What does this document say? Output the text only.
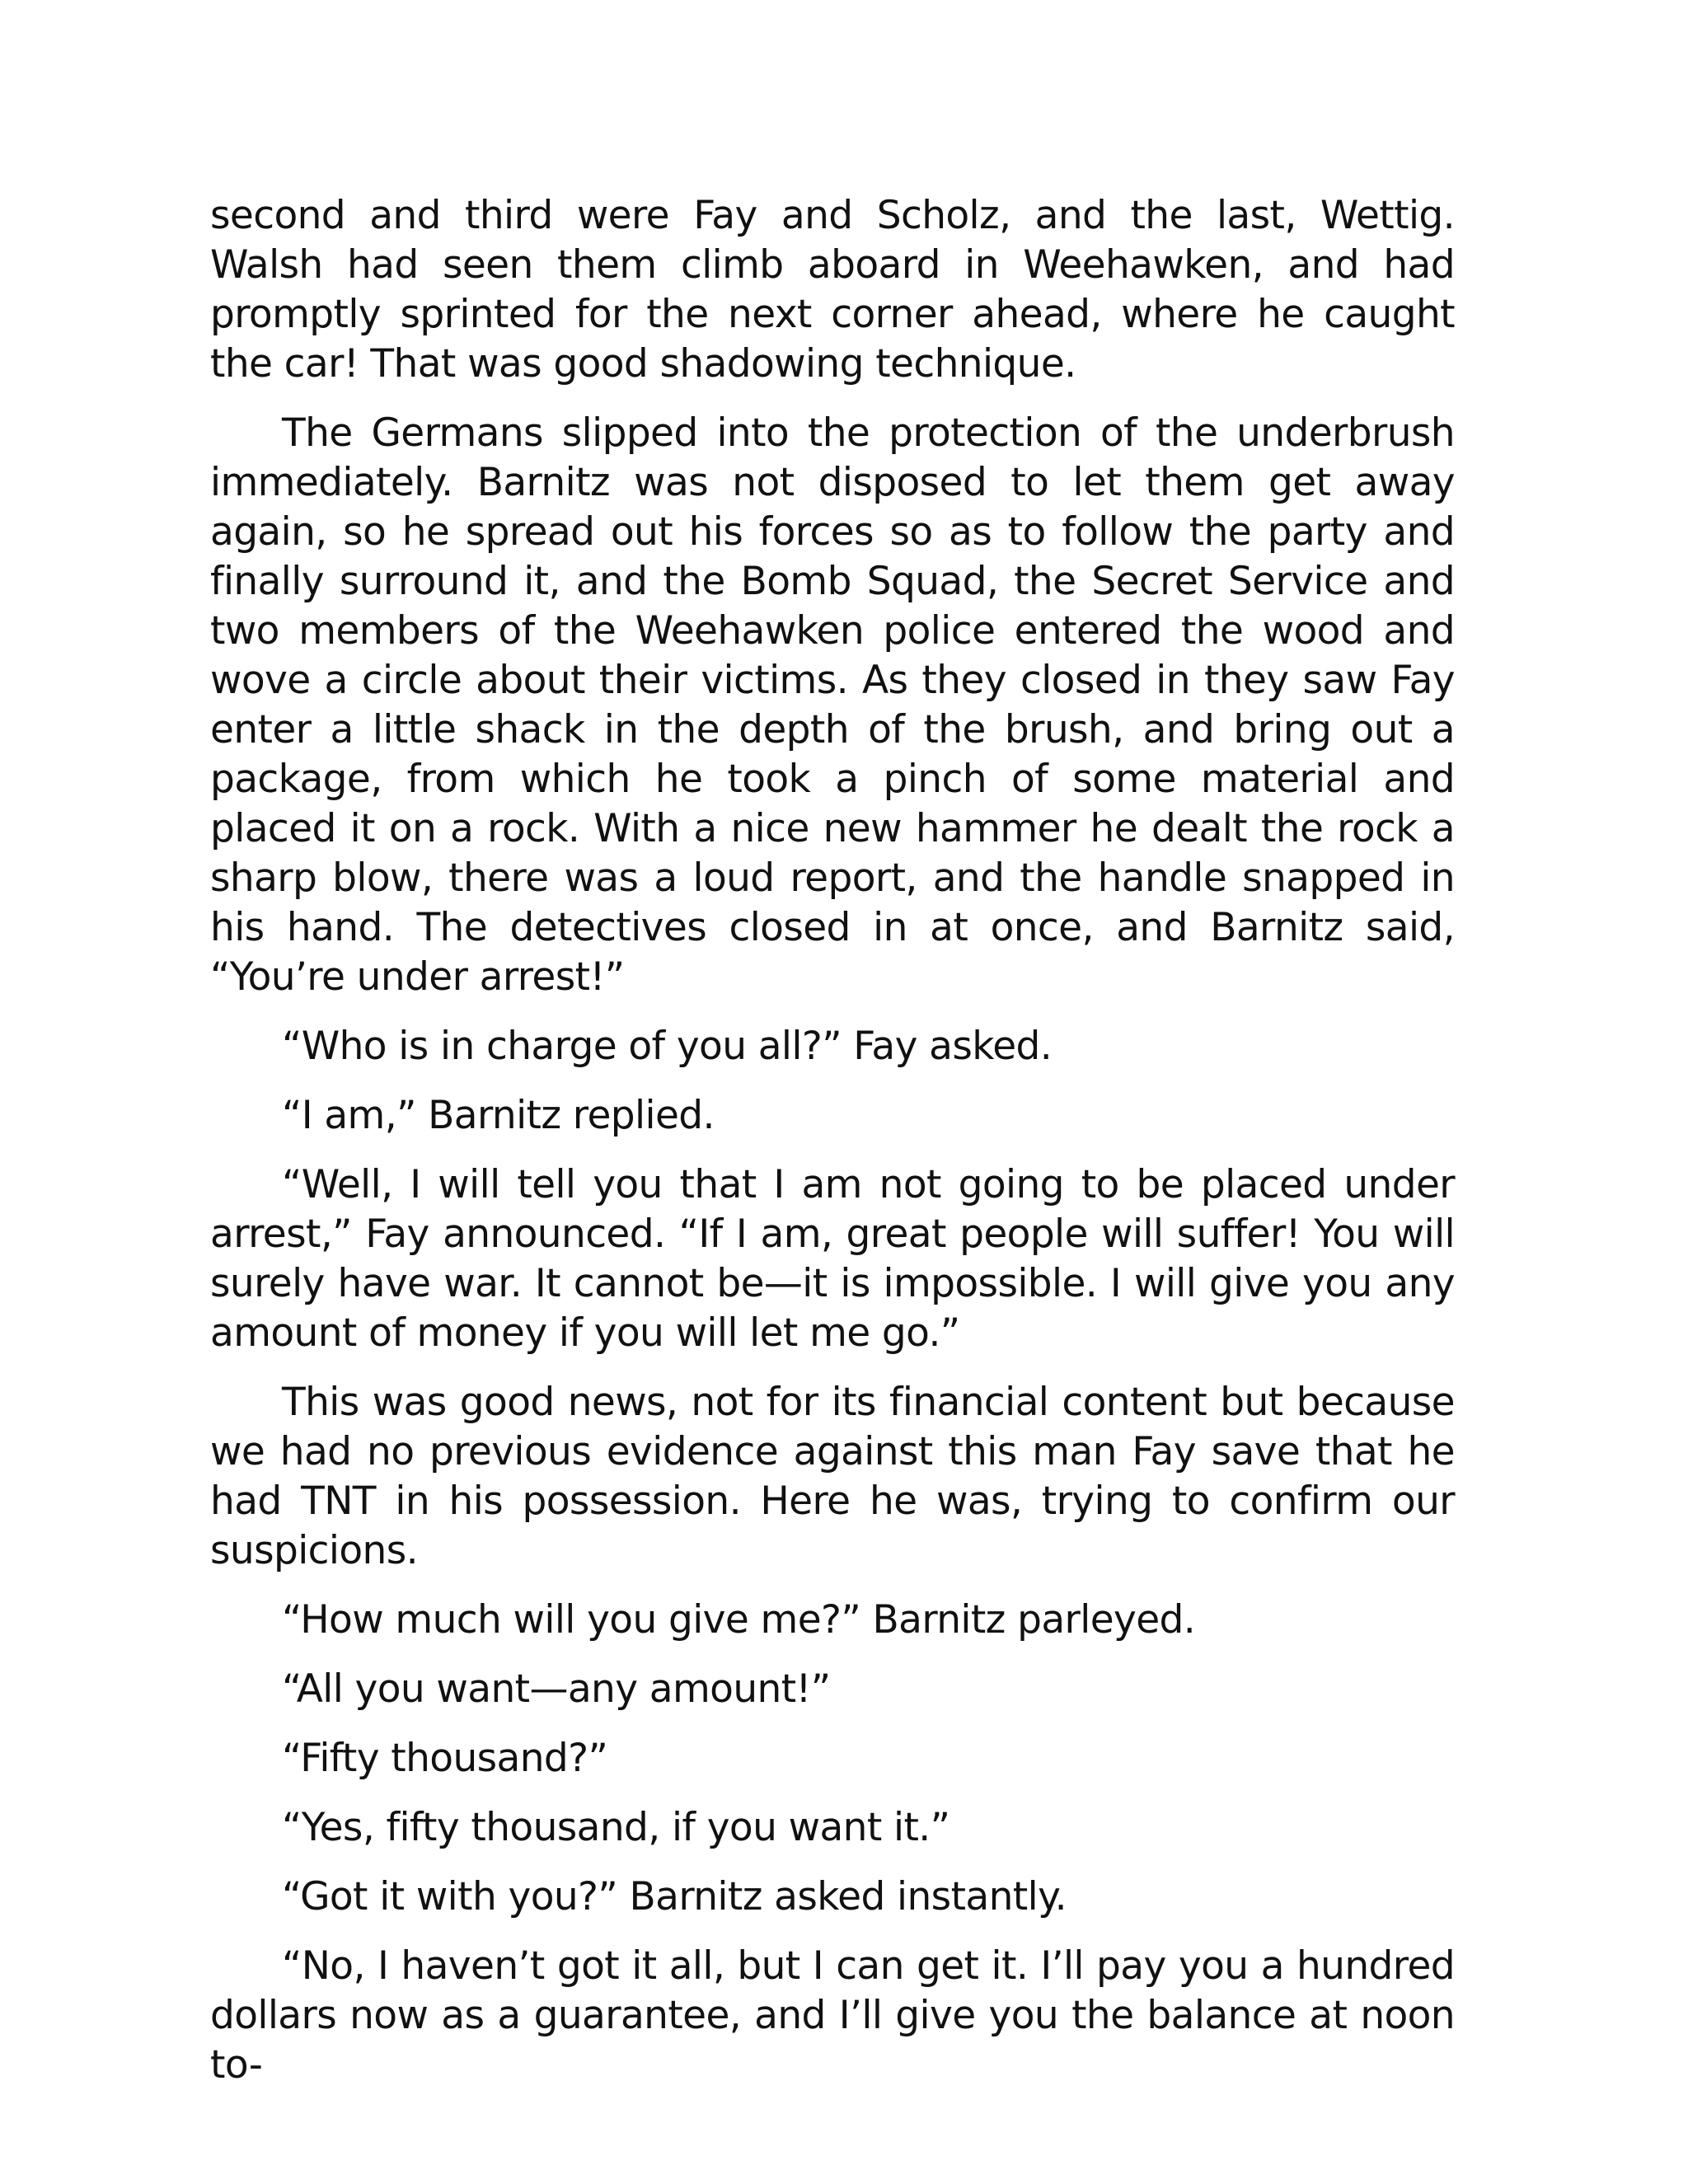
second and third were Fay and Scholz, and the last, Wettig. Walsh had seen them climb aboard in Weehawken, and had promptly sprinted for the next corner ahead, where he caught the car! That was good shadowing technique.

The Germans slipped into the protection of the underbrush immediately. Barnitz was not disposed to let them get away again, so he spread out his forces so as to follow the party and finally surround it, and the Bomb Squad, the Secret Service and two members of the Weehawken police entered the wood and wove a circle about their victims. As they closed in they saw Fay enter a little shack in the depth of the brush, and bring out a package, from which he took a pinch of some material and placed it on a rock. With a nice new hammer he dealt the rock a sharp blow, there was a loud report, and the handle snapped in his hand. The detectives closed in at once, and Barnitz said, “You’re under arrest!”

“Who is in charge of you all?” Fay asked.

“I am,” Barnitz replied.

“Well, I will tell you that I am not going to be placed under arrest,” Fay announced. “If I am, great people will suffer! You will surely have war. It cannot be—it is impossible. I will give you any amount of money if you will let me go.”

This was good news, not for its financial content but because we had no previous evidence against this man Fay save that he had TNT in his possession. Here he was, trying to confirm our suspicions.

“How much will you give me?” Barnitz parleyed.

“All you want—any amount!”

“Fifty thousand?”

“Yes, fifty thousand, if you want it.”

“Got it with you?” Barnitz asked instantly.

“No, I haven’t got it all, but I can get it. I’ll pay you a hundred dollars now as a guarantee, and I’ll give you the balance at noon to-
